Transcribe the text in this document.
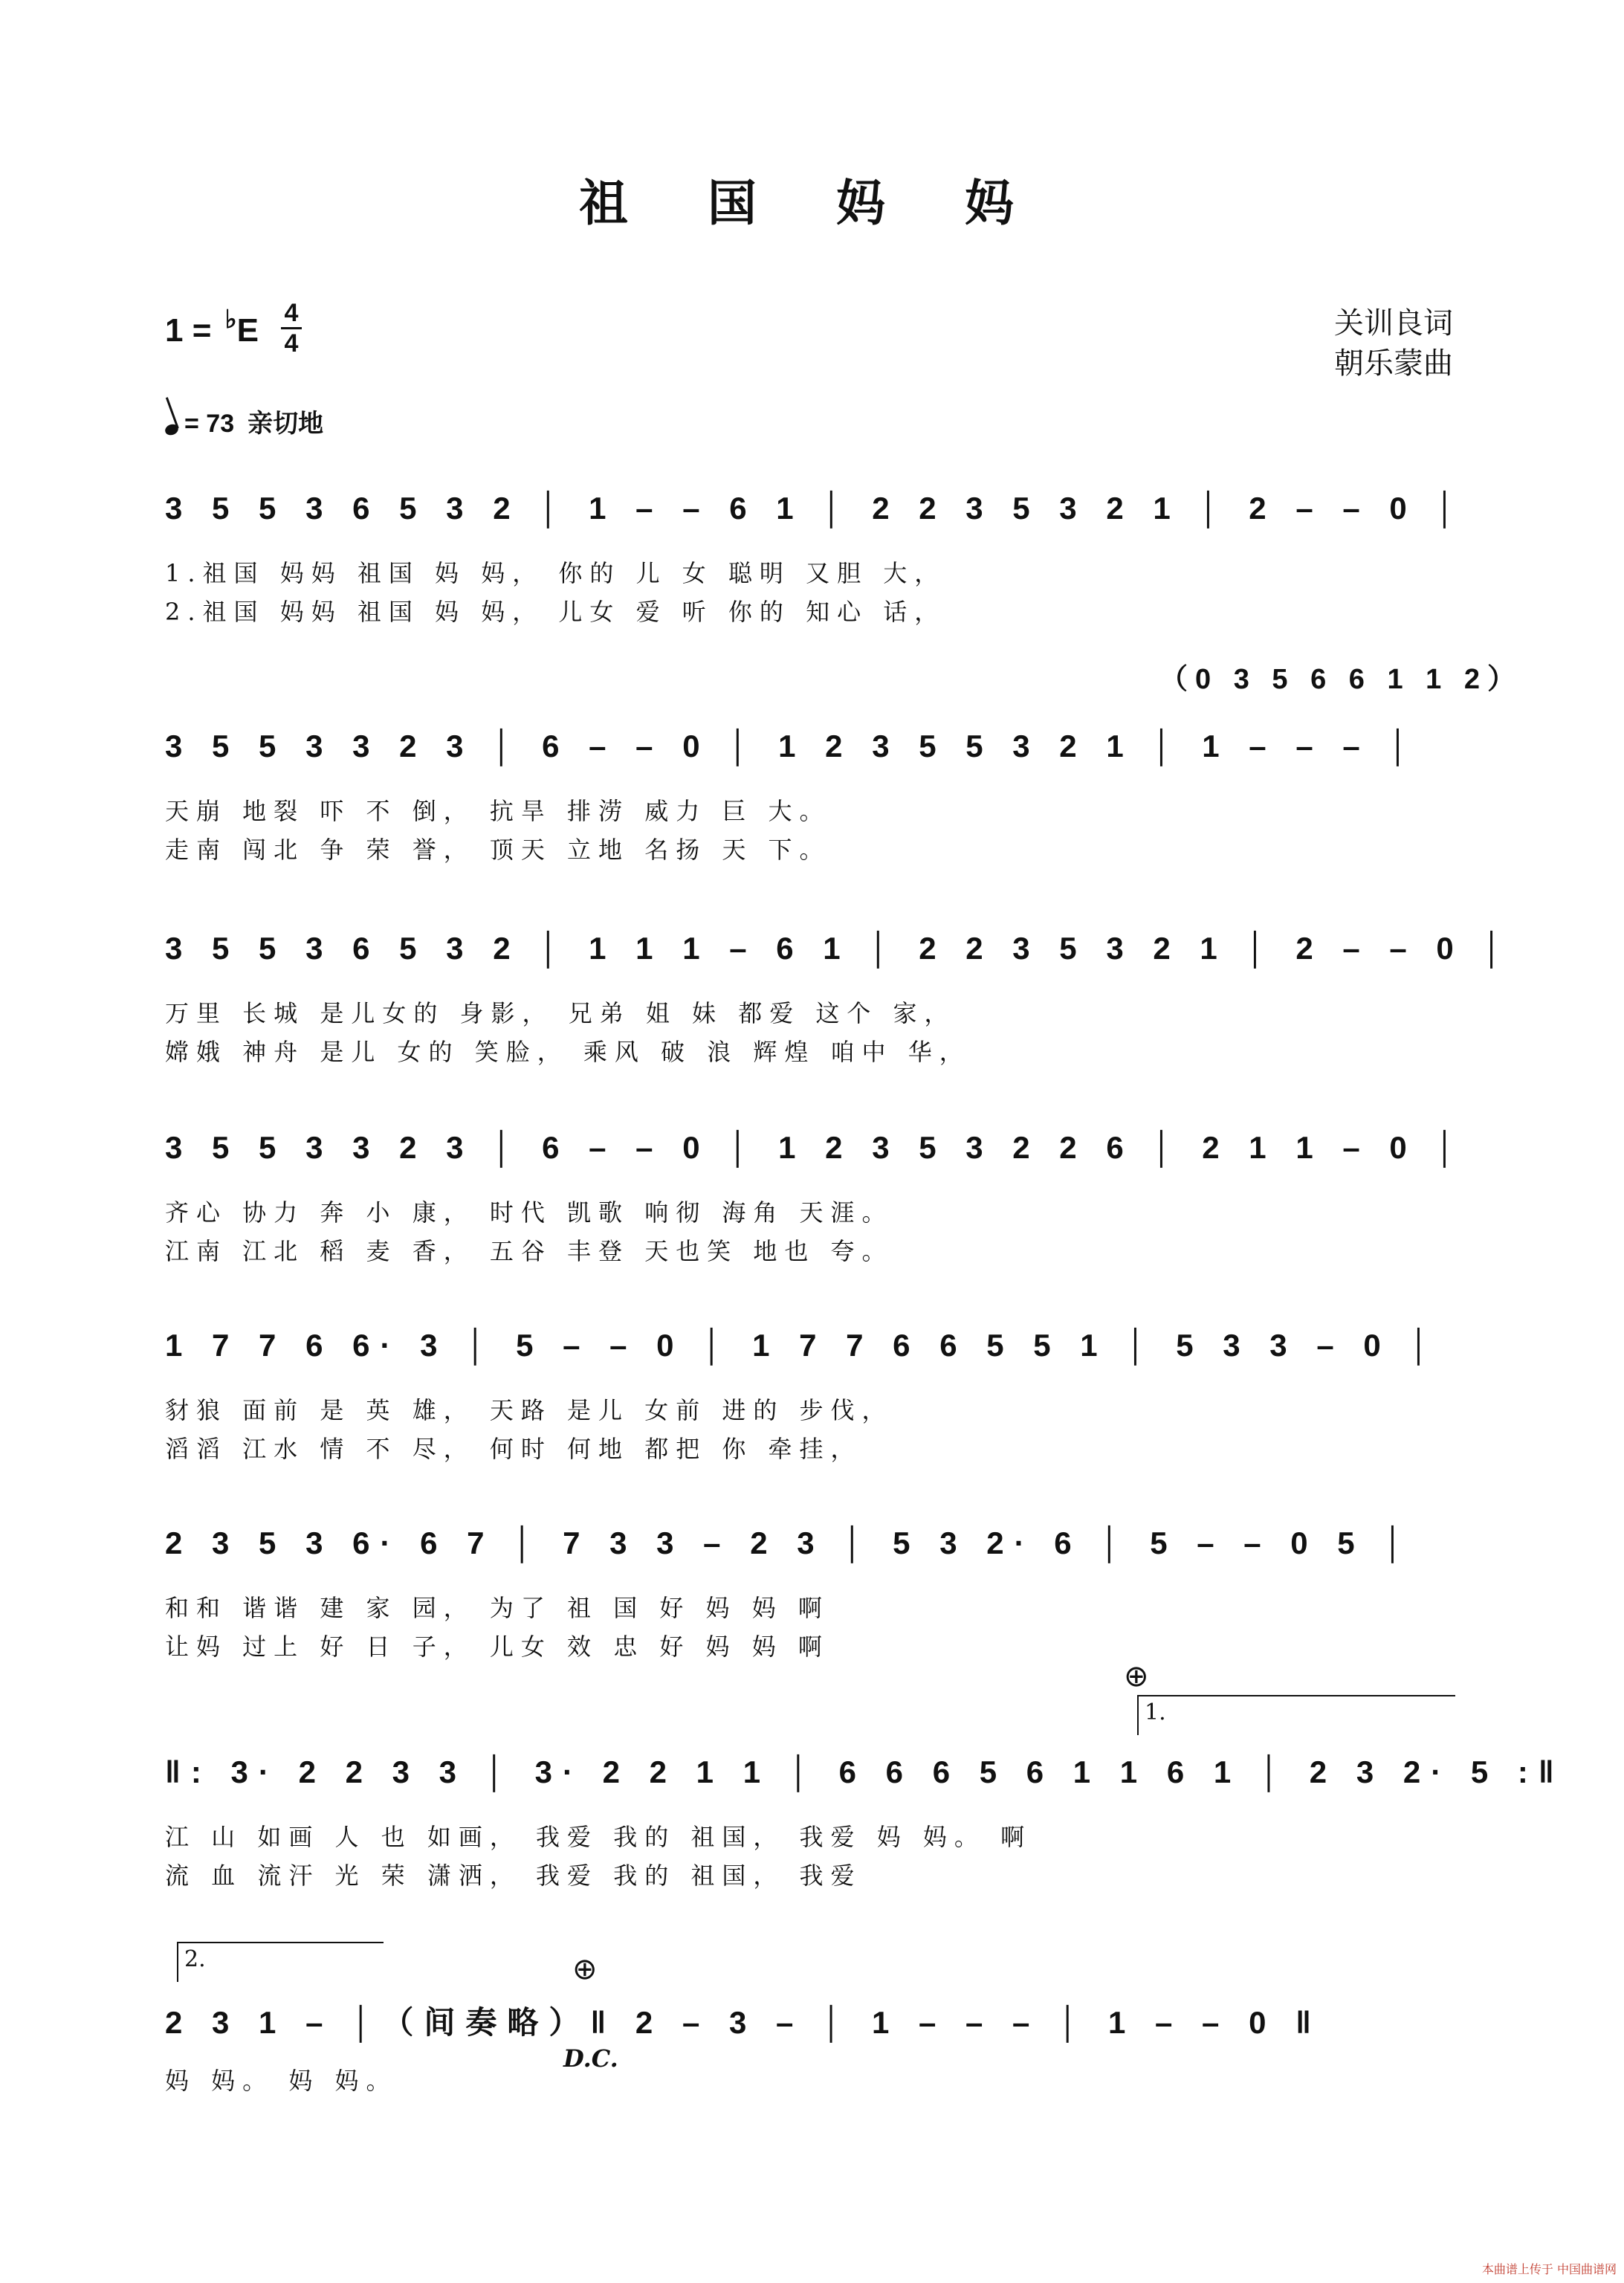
祖 国 妈 妈
1 = ♭E 4
4
关训良词
朝乐蒙曲
= 73 亲切地
3 5 5 3 6 5 3 2 │ 1 – – 6 1 │ 2 2 3 5 3 2 1 │ 2 – – 0 │
1.祖国 妈妈 祖国 妈 妈， 你的 儿 女 聪明 又胆 大，
2.祖国 妈妈 祖国 妈 妈， 儿女 爱 听 你的 知心 话，
（0 3 5 6 6 1 1 2）
3 5 5 3 3 2 3 │ 6 – – 0 │ 1 2 3 5 5 3 2 1 │ 1 – – – │
天崩 地裂 吓 不 倒， 抗旱 排涝 威力 巨 大。
走南 闯北 争 荣 誉， 顶天 立地 名扬 天 下。
3 5 5 3 6 5 3 2 │ 1 1 1 – 6 1 │ 2 2 3 5 3 2 1 │ 2 – – 0 │
万里 长城 是儿女的 身影， 兄弟 姐 妹 都爱 这个 家，
嫦娥 神舟 是儿 女的 笑脸， 乘风 破 浪 辉煌 咱中 华，
3 5 5 3 3 2 3 │ 6 – – 0 │ 1 2 3 5 3 2 2 6 │ 2 1 1 – 0 │
齐心 协力 奔 小 康， 时代 凯歌 响彻 海角 天涯。
江南 江北 稻 麦 香， 五谷 丰登 天也笑 地也 夸。
1 7 7 6 6· 3 │ 5 – – 0 │ 1 7 7 6 6 5 5 1 │ 5 3 3 – 0 │
豺狼 面前 是 英 雄， 天路 是儿 女前 进的 步伐，
滔滔 江水 情 不 尽， 何时 何地 都把 你 牵挂，
2 3 5 3 6· 6 7 │ 7 3 3 – 2 3 │ 5 3 2· 6 │ 5 – – 0 5 │
和和 谐谐 建 家 园， 为了 祖 国 好 妈 妈 啊
让妈 过上 好 日 子， 儿女 效 忠 好 妈 妈 啊
⊕
1.
‖: 3· 2 2 3 3 │ 3· 2 2 1 1 │ 6 6 6 5 6 1 1 6 1 │ 2 3 2· 5 :‖
江 山 如画 人 也 如画， 我爱 我的 祖国， 我爱 妈 妈。 啊
流 血 流汗 光 荣 潇洒， 我爱 我的 祖国， 我爱
2.	⊕
2 3 1 – │（间奏略）‖ 2 – 3 – │ 1 – – – │ 1 – – 0 ‖
D.C.
妈 妈。 妈 妈。
本曲谱上传于 中国曲谱网
